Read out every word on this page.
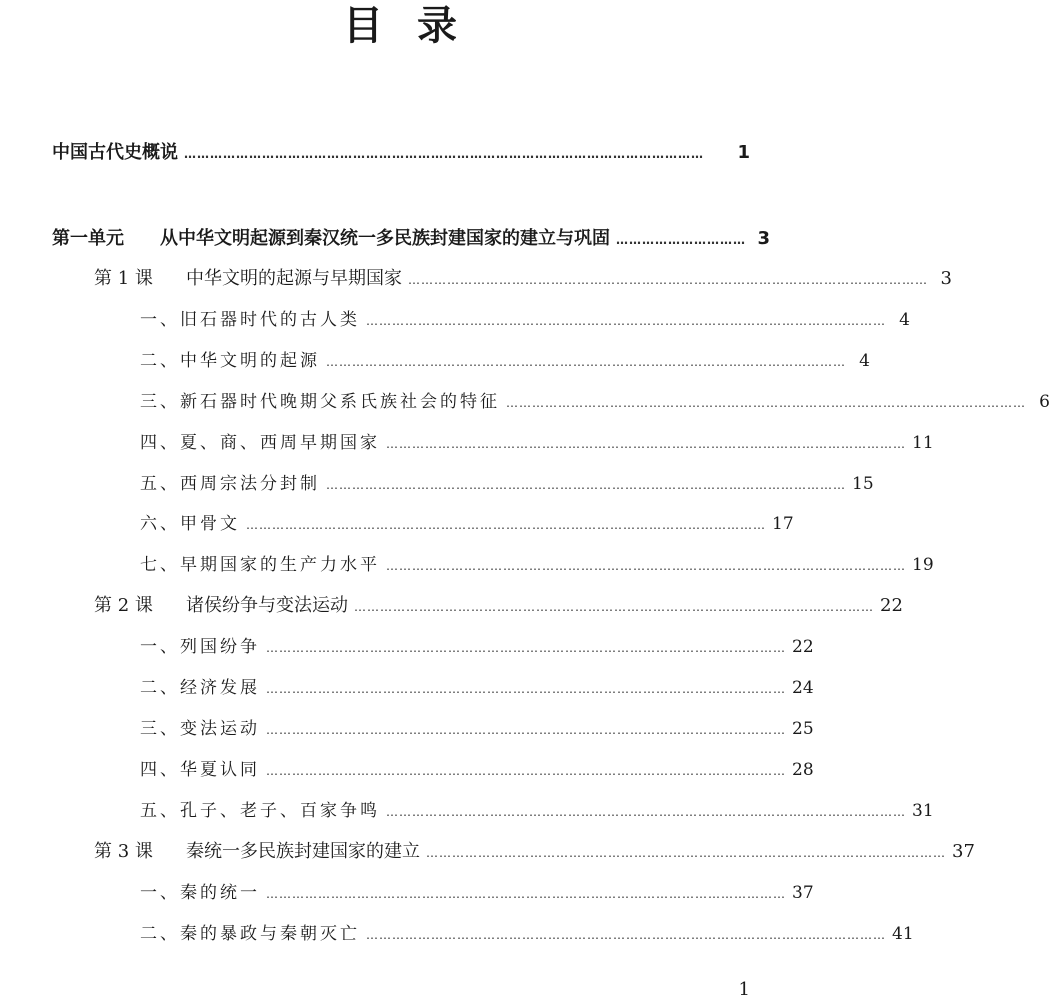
目录
中国古代史概说 …………………………………………………………………………………………………………	1
第一单元	从中华文明起源到秦汉统一多民族封建国家的建立与巩固 ………………………… 3
第 1 课	中华文明的起源与早期国家 ………………………………………………………………………………………………………… 3
一、旧石器时代的古人类 ………………………………………………………………………………………………………… 4
二、中华文明的起源 ………………………………………………………………………………………………………… 4
三、新石器时代晚期父系氏族社会的特征 ………………………………………………………………………………………………………… 6
四、夏、商、西周早期国家 ………………………………………………………………………………………………………… 11
五、西周宗法分封制 ………………………………………………………………………………………………………… 15
六、甲骨文 ………………………………………………………………………………………………………… 17
七、早期国家的生产力水平 ………………………………………………………………………………………………………… 19
第 2 课	诸侯纷争与变法运动 ………………………………………………………………………………………………………… 22
一、列国纷争 ………………………………………………………………………………………………………… 22
二、经济发展 ………………………………………………………………………………………………………… 24
三、变法运动 ………………………………………………………………………………………………………… 25
四、华夏认同 ………………………………………………………………………………………………………… 28
五、孔子、老子、百家争鸣 ………………………………………………………………………………………………………… 31
第 3 课	秦统一多民族封建国家的建立 ………………………………………………………………………………………………………… 37
一、秦的统一 ………………………………………………………………………………………………………… 37
二、秦的暴政与秦朝灭亡 ………………………………………………………………………………………………………… 41
1
